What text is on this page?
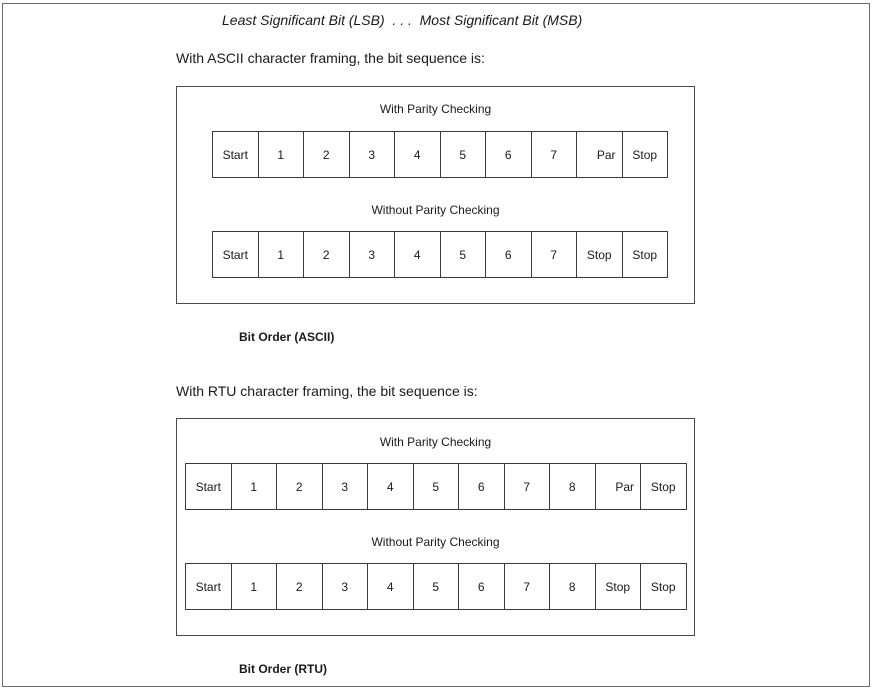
Least Significant Bit (LSB)  . . .  Most Significant Bit (MSB)
With ASCII character framing, the bit sequence is:
With Parity Checking
Start	1	2	3	4	5	6	7	Par	Stop
Without Parity Checking
Start	1	2	3	4	5	6	7	Stop	Stop
Bit Order (ASCII)
With RTU character framing, the bit sequence is:
With Parity Checking
Start	1	2	3	4	5	6	7	8	Par	Stop
Without Parity Checking
Start	1	2	3	4	5	6	7	8	Stop	Stop
Bit Order (RTU)
